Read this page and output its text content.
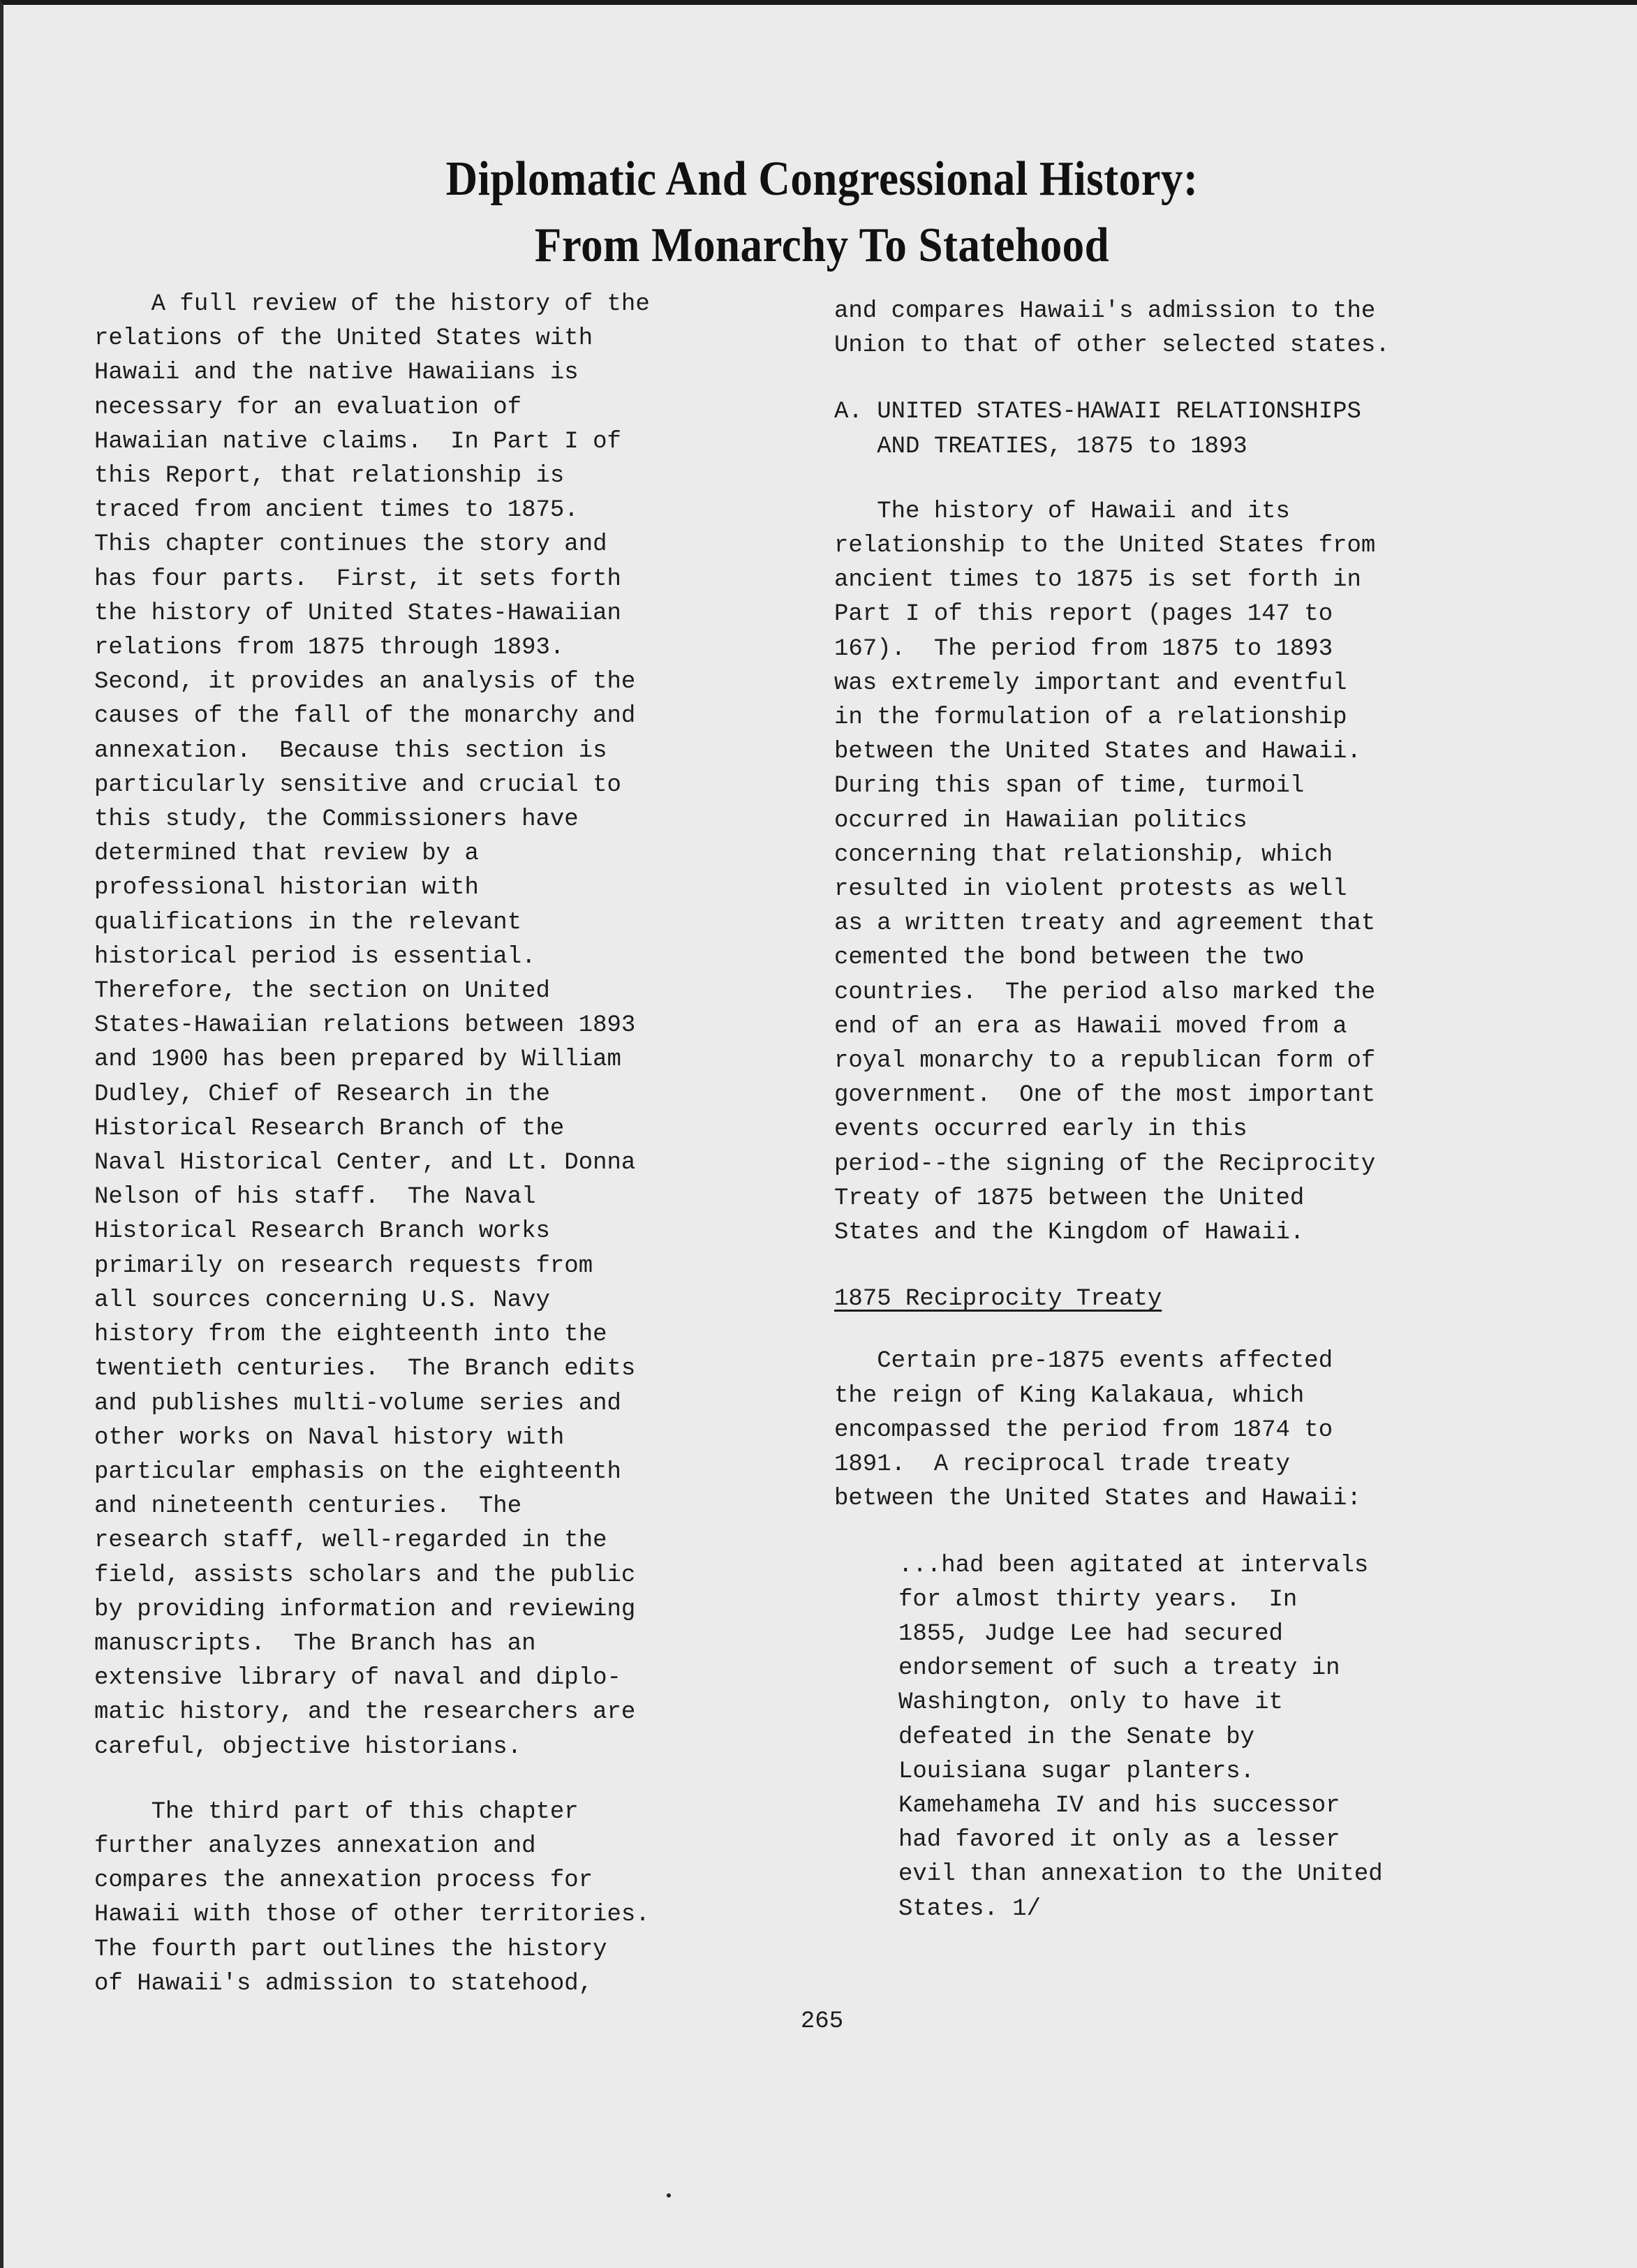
Diplomatic And Congressional History:
From Monarchy To Statehood

A full review of the history of the

relations of the United States with

Hawaii and the native Hawaiians is

necessary for an evaluation of

Hawaiian native claims.  In Part I of

this Report, that relationship is

traced from ancient times to 1875.

This chapter continues the story and

has four parts.  First, it sets forth

the history of United States-Hawaiian

relations from 1875 through 1893.

Second, it provides an analysis of the

causes of the fall of the monarchy and

annexation.  Because this section is

particularly sensitive and crucial to

this study, the Commissioners have

determined that review by a

professional historian with

qualifications in the relevant

historical period is essential.

Therefore, the section on United

States-Hawaiian relations between 1893

and 1900 has been prepared by William

Dudley, Chief of Research in the

Historical Research Branch of the

Naval Historical Center, and Lt. Donna

Nelson of his staff.  The Naval

Historical Research Branch works

primarily on research requests from

all sources concerning U.S. Navy

history from the eighteenth into the

twentieth centuries.  The Branch edits

and publishes multi-volume series and

other works on Naval history with

particular emphasis on the eighteenth

and nineteenth centuries.  The

research staff, well-regarded in the

field, assists scholars and the public

by providing information and reviewing

manuscripts.  The Branch has an

extensive library of naval and diplo-

matic history, and the researchers are

careful, objective historians.

The third part of this chapter

further analyzes annexation and

compares the annexation process for

Hawaii with those of other territories.

The fourth part outlines the history

of Hawaii's admission to statehood,

and compares Hawaii's admission to the

Union to that of other selected states.

A. UNITED STATES-HAWAII RELATIONSHIPS

AND TREATIES, 1875 to 1893

The history of Hawaii and its

relationship to the United States from

ancient times to 1875 is set forth in

Part I of this report (pages 147 to

167).  The period from 1875 to 1893

was extremely important and eventful

in the formulation of a relationship

between the United States and Hawaii.

During this span of time, turmoil

occurred in Hawaiian politics

concerning that relationship, which

resulted in violent protests as well

as a written treaty and agreement that

cemented the bond between the two

countries.  The period also marked the

end of an era as Hawaii moved from a

royal monarchy to a republican form of

government.  One of the most important

events occurred early in this

period--the signing of the Reciprocity

Treaty of 1875 between the United

States and the Kingdom of Hawaii.

1875 Reciprocity Treaty

Certain pre-1875 events affected

the reign of King Kalakaua, which

encompassed the period from 1874 to

1891.  A reciprocal trade treaty

between the United States and Hawaii:

...had been agitated at intervals

for almost thirty years.  In

1855, Judge Lee had secured

endorsement of such a treaty in

Washington, only to have it

defeated in the Senate by

Louisiana sugar planters.

Kamehameha IV and his successor

had favored it only as a lesser

evil than annexation to the United

States. 1/

265
